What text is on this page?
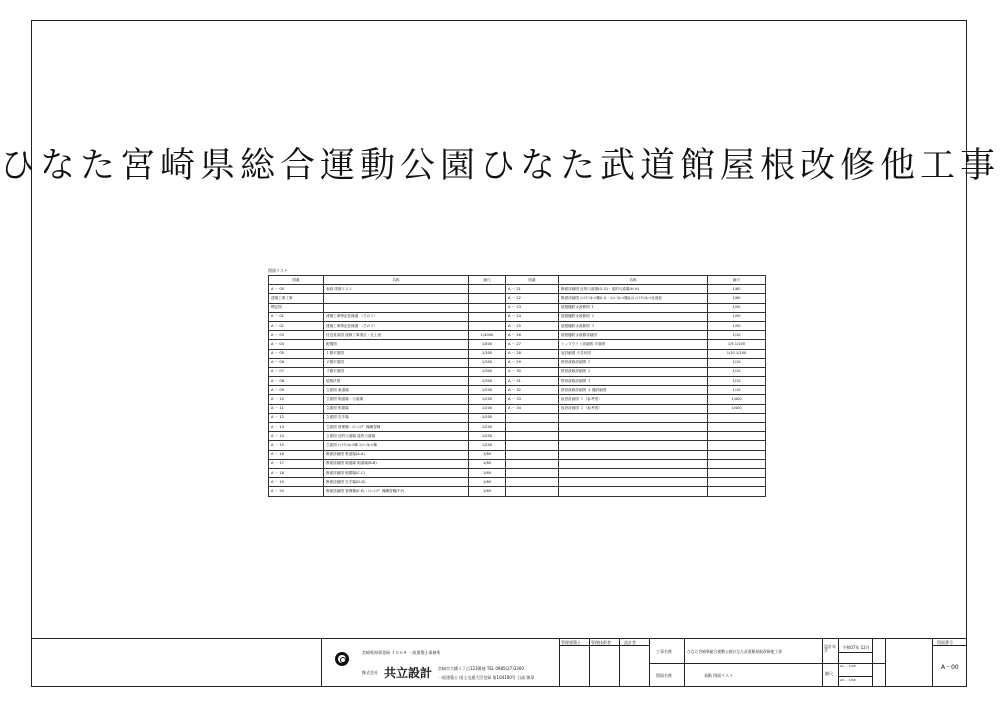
ひなた宮崎県総合運動公園ひなた武道館屋根改修他工事
図面リスト
図番	名称	縮尺	図番	名称	縮尺
A － 00	表紙 図面リスト		A － 21	断面詳細図 近的弓道場(G-G)・遠的弓道場(H-H)	1/60
建築工事工事			A － 22	断面詳細図 ｴﾝﾄﾗﾝｽﾎｰﾙ棟(I-I)・ｺﾝｺｰｽﾎｰﾙ棟(J-J) ｴﾝﾄﾗﾝｽﾎｰﾙ北面庇	1/60
標記図			A － 23	屋根樋防水改修図 １	1/50
A － 01	建築工事特記仕様書 （その１）		A － 24	屋根樋防水改修図 ２	1/50
A － 02	建築工事特記仕様書 （その２）		A － 25	屋根樋防水改修図 ３	1/50
A － 03	付近見取図 改修工事項目・仕上表	1/4000	A － 26	屋根樋防水改修詳細図	1/10
A － 04	配置図	1/400	A － 27	トップライト詳細図 平面図	1/5 1/100
A － 05	１階平面図	1/300	A － 28	庇詳細図 天井伏図	1/10 1/100
A － 06	２階平面図	1/300	A － 29	鉄骨改修詳細図 １	1/10
A － 07	３階平面図	1/300	A － 30	鉄骨改修詳細図 ２	1/10
A － 08	屋根伏図	1/300	A － 31	鉄骨改修詳細図 ３	1/10
A － 09	立面図 東道場	1/200	A － 32	鉄骨改修詳細図 ４ 樋詳細図	1/10
A － 10	立面図 剣道場・弓道場	1/200	A － 33	仮設計画図 １（参考図）	1/400
A － 11	立面図 相撲場	1/200	A － 34	仮設計画図 ２（参考図）	1/400
A － 12	立面図 空手場	1/200			
A － 13	立面図 管理棟・ﾄﾚｰﾆﾝｸﾞ 棟練習棟	1/200			
A － 14	立面図 近的弓道場 遠的弓道場	1/200			
A － 15	立面図 ｴﾝﾄﾗﾝｽﾎｰﾙ棟 ｺﾝｺｰｽﾎｰﾙ棟	1/200			
A － 16	断面詳細図 柔道場(A-A)	1/60			
A － 17	断面詳細図 剣道場 剣道場(B-B)	1/60			
A － 18	断面詳細図 相撲場(C-C)	1/60			
A － 19	断面詳細図 空手場(D-D)	1/60			
A － 20	断面詳細図 管理棟(E-E)・ﾄﾚｰﾆﾝｸﾞ 棟練習棟(F-F)	1/60			
宮崎県知事登録 １００８ 一級建築士事務所
株式会社 共立設計 宮崎市大橋１丁目123番地 TEL 0985(27)3300
一級建築士 国土交通大臣登録 第104100号 日高 敏章
管理建築士	管理技術者	設計者
工事名称	ひなた宮崎県総合運動公園ひなた武道館屋根改修他工事
図面名称	表紙 図面リスト
設計年月
令和07年 12月
縮尺
A1 － 1/00
A3 － 1/00
図面番号
A－00
